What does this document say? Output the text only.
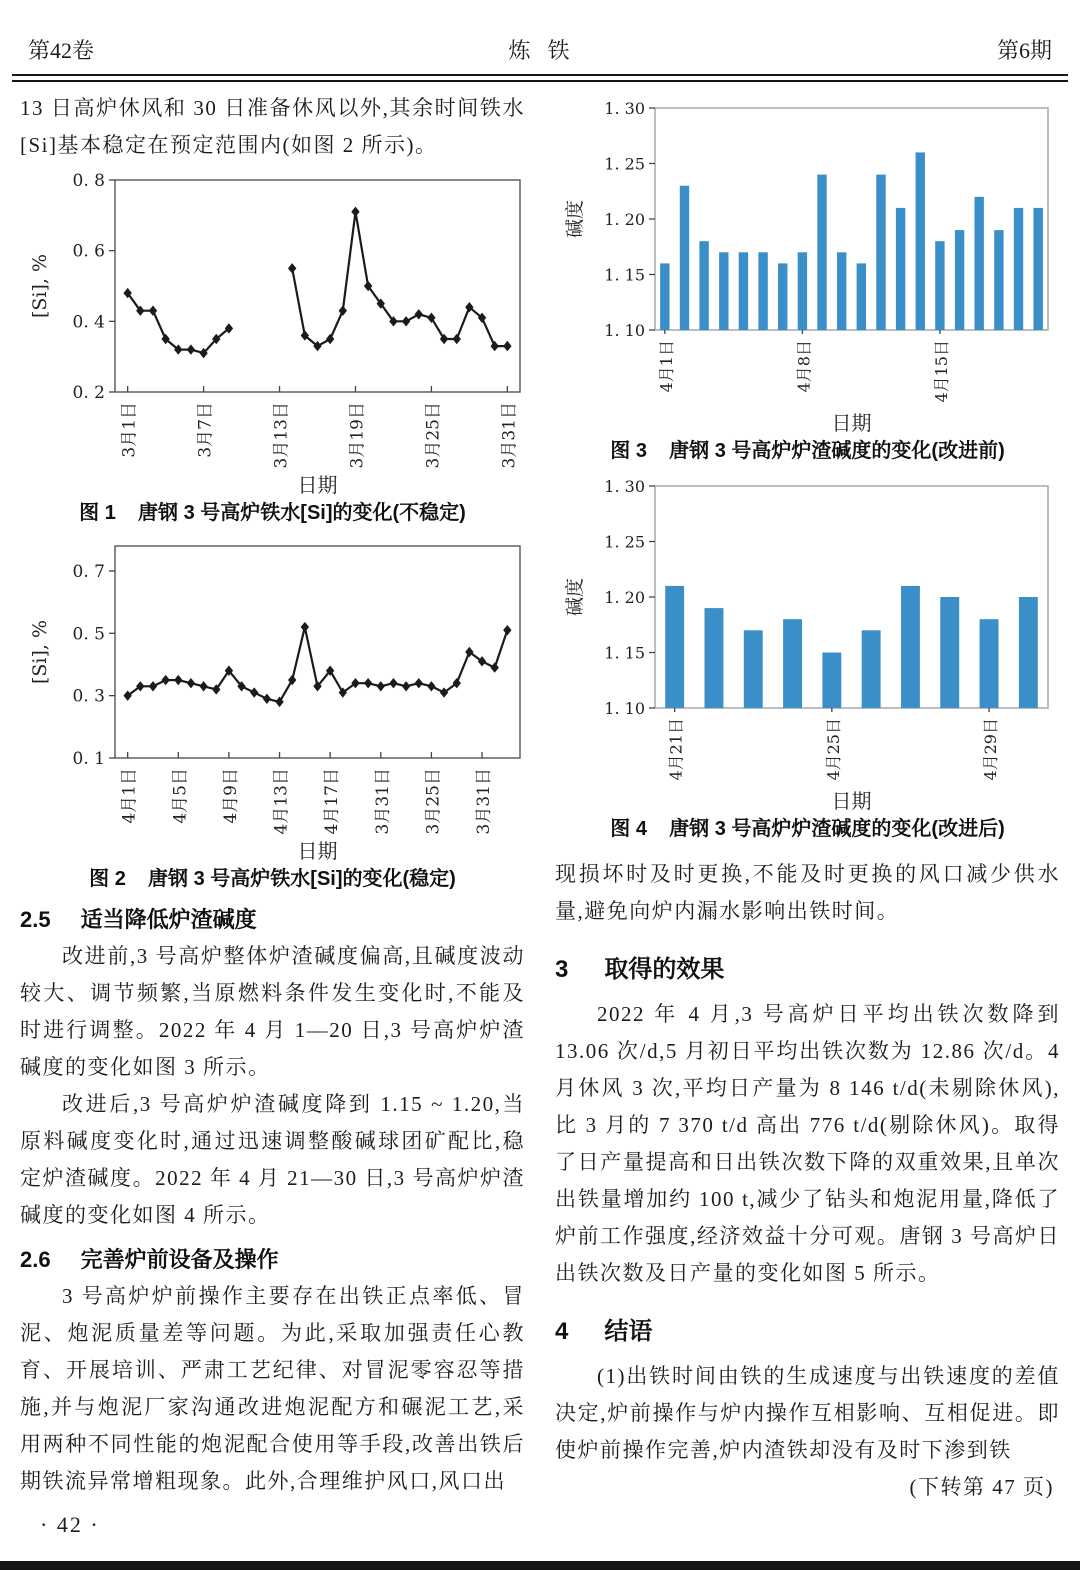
第42卷

	炼  铁

	第6期

13 日高炉休风和 30 日准备休风以外,其余时间铁水[Si]基本稳定在预定范围内(如图 2 所示)。

0. 2
0. 4
0. 6
0. 8
3月1日	3月7日	3月13日	3月19日	3月25日	3月31日
[Si], %
日期
图 1    唐钢 3 号高炉铁水[Si]的变化(不稳定)
0. 1
0. 3
0. 5
0. 7
4月1日 4月5日 4月9日 4月13日 4月17日 3月31日 3月25日 3月31日
[Si], %
日期
图 2    唐钢 3 号高炉铁水[Si]的变化(稳定)
2.5 适当降低炉渣碱度

改进前,3 号高炉整体炉渣碱度偏高,且碱度波动较大、调节频繁,当原燃料条件发生变化时,不能及时进行调整。2022 年 4 月 1—20 日,3 号高炉炉渣碱度的变化如图 3 所示。

改进后,3 号高炉炉渣碱度降到 1.15 ~ 1.20,当原料碱度变化时,通过迅速调整酸碱球团矿配比,稳定炉渣碱度。2022 年 4 月 21—30 日,3 号高炉炉渣碱度的变化如图 4 所示。

2.6 完善炉前设备及操作

3 号高炉炉前操作主要存在出铁正点率低、冒泥、炮泥质量差等问题。为此,采取加强责任心教育、开展培训、严肃工艺纪律、对冒泥零容忍等措施,并与炮泥厂家沟通改进炮泥配方和碾泥工艺,采用两种不同性能的炮泥配合使用等手段,改善出铁后期铁流异常增粗现象。此外,合理维护风口,风口出

1. 10
1. 15
1. 20
1. 25
1. 30
4月1日	4月8日	4月15日
碱度
日期
图 3    唐钢 3 号高炉炉渣碱度的变化(改进前)
1. 10
1. 15
1. 20
1. 25
1. 30
4月21日	4月25日	4月29日
碱度
日期
图 4    唐钢 3 号高炉炉渣碱度的变化(改进后)

现损坏时及时更换,不能及时更换的风口减少供水量,避免向炉内漏水影响出铁时间。

3 取得的效果

2022 年 4 月,3 号高炉日平均出铁次数降到 13.06 次/d,5 月初日平均出铁次数为 12.86 次/d。4 月休风 3 次,平均日产量为 8 146 t/d(未剔除休风),比 3 月的 7 370 t/d 高出 776 t/d(剔除休风)。取得了日产量提高和日出铁次数下降的双重效果,且单次出铁量增加约 100 t,减少了钻头和炮泥用量,降低了炉前工作强度,经济效益十分可观。唐钢 3 号高炉日出铁次数及日产量的变化如图 5 所示。

4 结语

(1)出铁时间由铁的生成速度与出铁速度的差值决定,炉前操作与炉内操作互相影响、互相促进。即使炉前操作完善,炉内渣铁却没有及时下渗到铁

(下转第 47 页)

· 42 ·
